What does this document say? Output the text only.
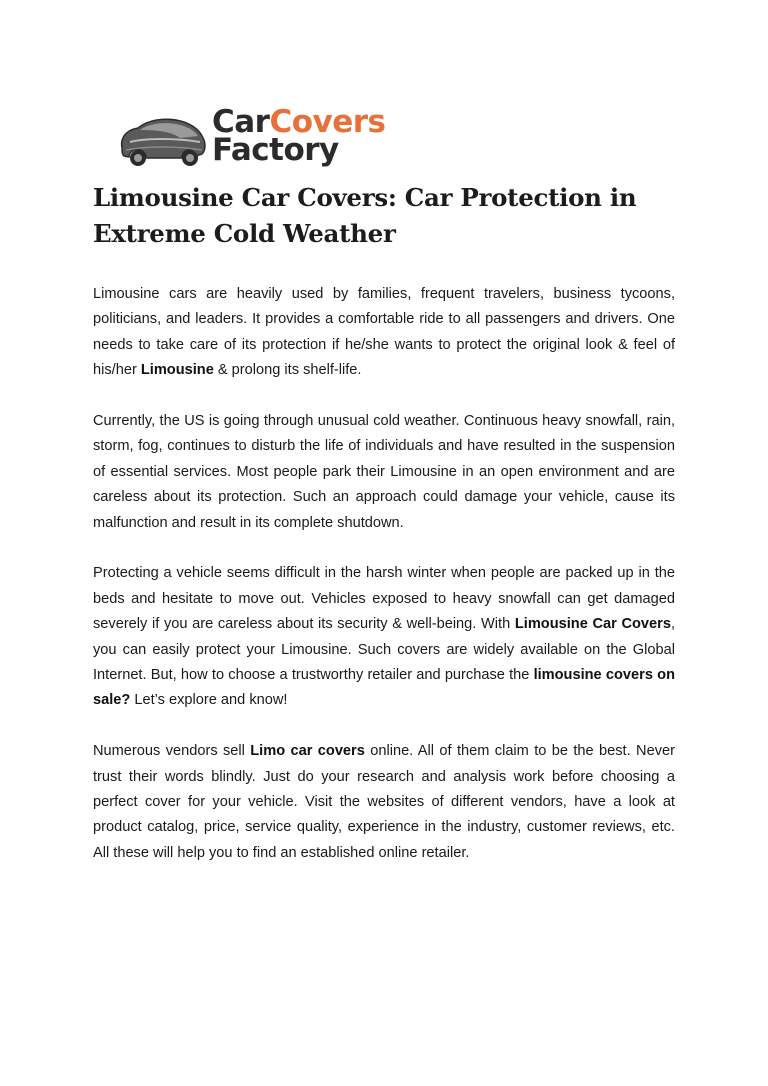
CarCovers
Factory
Limousine Car Covers: Car Protection in Extreme Cold Weather

Limousine cars are heavily used by families, frequent travelers, business tycoons, politicians, and leaders. It provides a comfortable ride to all passengers and drivers. One needs to take care of its protection if he/she wants to protect the original look & feel of his/her Limousine & prolong its shelf-life.

Currently, the US is going through unusual cold weather. Continuous heavy snowfall, rain, storm, fog, continues to disturb the life of individuals and have resulted in the suspension of essential services. Most people park their Limousine in an open environment and are careless about its protection. Such an approach could damage your vehicle, cause its malfunction and result in its complete shutdown.

Protecting a vehicle seems difficult in the harsh winter when people are packed up in the beds and hesitate to move out. Vehicles exposed to heavy snowfall can get damaged severely if you are careless about its security & well-being. With Limousine Car Covers, you can easily protect your Limousine. Such covers are widely available on the Global Internet. But, how to choose a trustworthy retailer and purchase the limousine covers on sale? Let’s explore and know!

Numerous vendors sell Limo car covers online. All of them claim to be the best. Never trust their words blindly. Just do your research and analysis work before choosing a perfect cover for your vehicle. Visit the websites of different vendors, have a look at product catalog, price, service quality, experience in the industry, customer reviews, etc. All these will help you to find an established online retailer.
